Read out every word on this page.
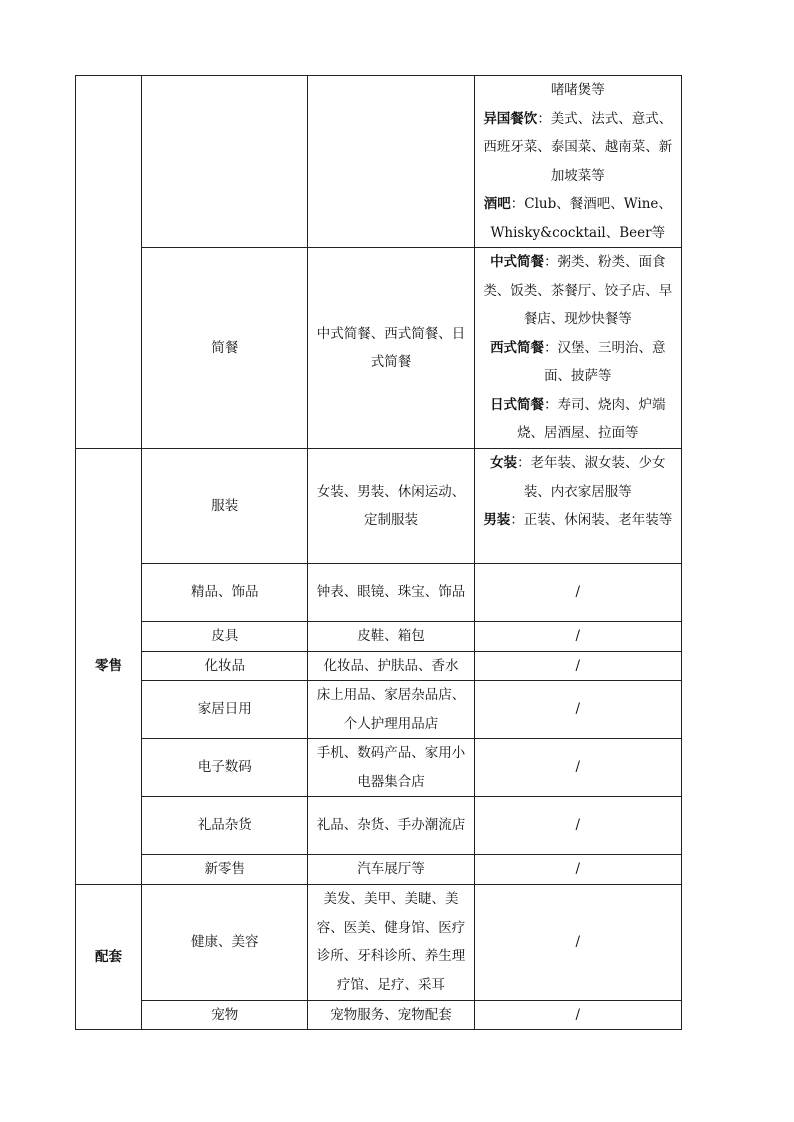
			啫啫煲等
异国餐饮：美式、法式、意式、西班牙菜、泰国菜、越南菜、新加坡菜等
酒吧：Club、餐酒吧、Wine、Whisky&cocktail、Beer等

	简餐	中式简餐、西式简餐、日式简餐	中式简餐：粥类、粉类、面食类、饭类、茶餐厅、饺子店、早餐店、现炒快餐等
西式简餐：汉堡、三明治、意面、披萨等
日式简餐：寿司、烧肉、炉端烧、居酒屋、拉面等

零售	服装	女装、男装、休闲运动、定制服装	女装：老年装、淑女装、少女装、内衣家居服等
男装：正装、休闲装、老年装等

	精品、饰品	钟表、眼镜、珠宝、饰品	/
	皮具	皮鞋、箱包	/
	化妆品	化妆品、护肤品、香水	/
	家居日用	床上用品、家居杂品店、个人护理用品店	/
	电子数码	手机、数码产品、家用小电器集合店	/
	礼品杂货	礼品、杂货、手办潮流店	/
	新零售	汽车展厅等	/
配套	健康、美容	美发、美甲、美睫、美容、医美、健身馆、医疗诊所、牙科诊所、养生理疗馆、足疗、采耳	/
	宠物	宠物服务、宠物配套	/
